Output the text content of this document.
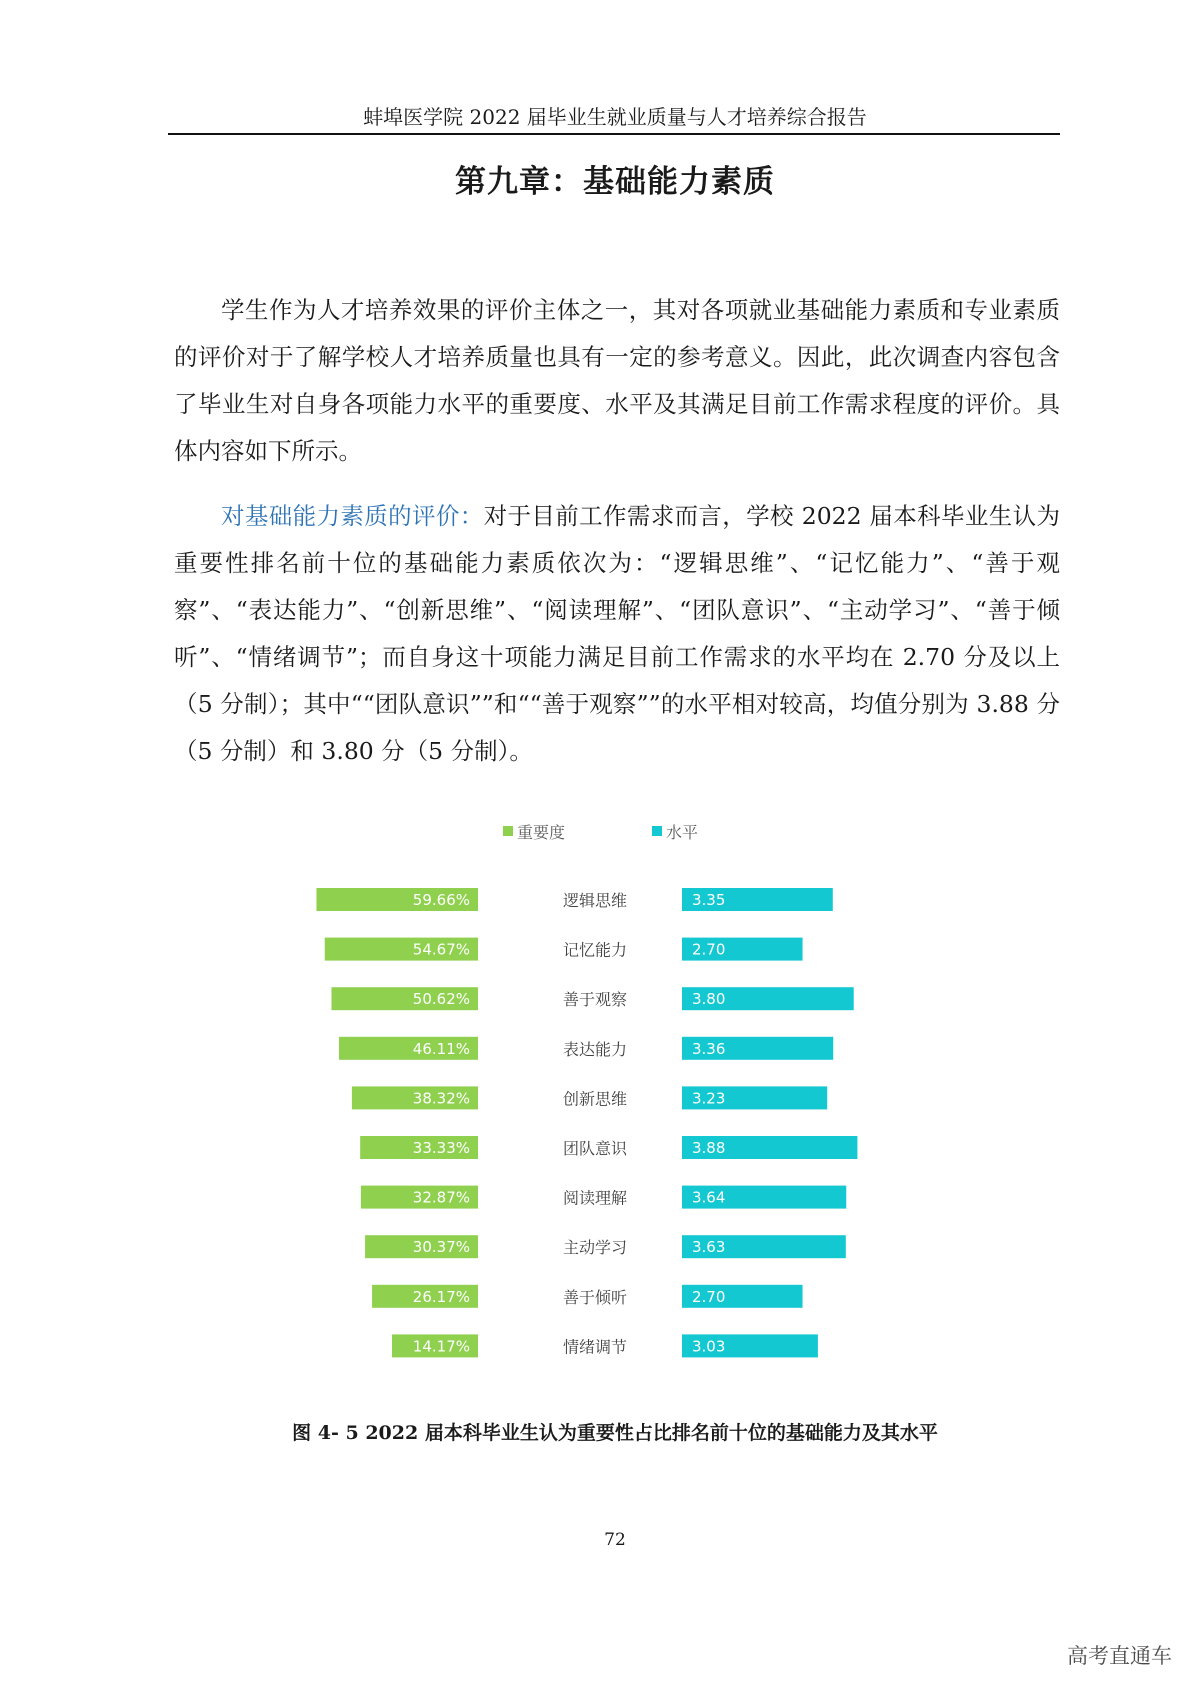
蚌埠医学院 2022 届毕业生就业质量与人才培养综合报告
第九章：基础能力素质

学生作为人才培养效果的评价主体之一，其对各项就业基础能力素质和专业素质的评价对于了解学校人才培养质量也具有一定的参考意义。因此，此次调查内容包含了毕业生对自身各项能力水平的重要度、水平及其满足目前工作需求程度的评价。具体内容如下所示。

对基础能力素质的评价：对于目前工作需求而言，学校 2022 届本科毕业生认为重要性排名前十位的基础能力素质依次为：“逻辑思维”、“记忆能力”、“善于观察”、“表达能力”、“创新思维”、“阅读理解”、“团队意识”、“主动学习”、“善于倾听”、“情绪调节”；而自身这十项能力满足目前工作需求的水平均在 2.70 分及以上（5 分制）；其中““团队意识””和““善于观察””的水平相对较高，均值分别为 3.88 分（5 分制）和 3.80 分（5 分制）。

重要度	水平
59.66%	逻辑思维	3.35
54.67%	记忆能力	2.70
50.62%	善于观察	3.80
46.11%	表达能力	3.36
38.32%	创新思维	3.23
33.33%	团队意识	3.88
32.87%	阅读理解	3.64
30.37%	主动学习	3.63
26.17%	善于倾听	2.70
14.17%	情绪调节	3.03
图 4- 5 2022 届本科毕业生认为重要性占比排名前十位的基础能力及其水平
72
高考直通车
